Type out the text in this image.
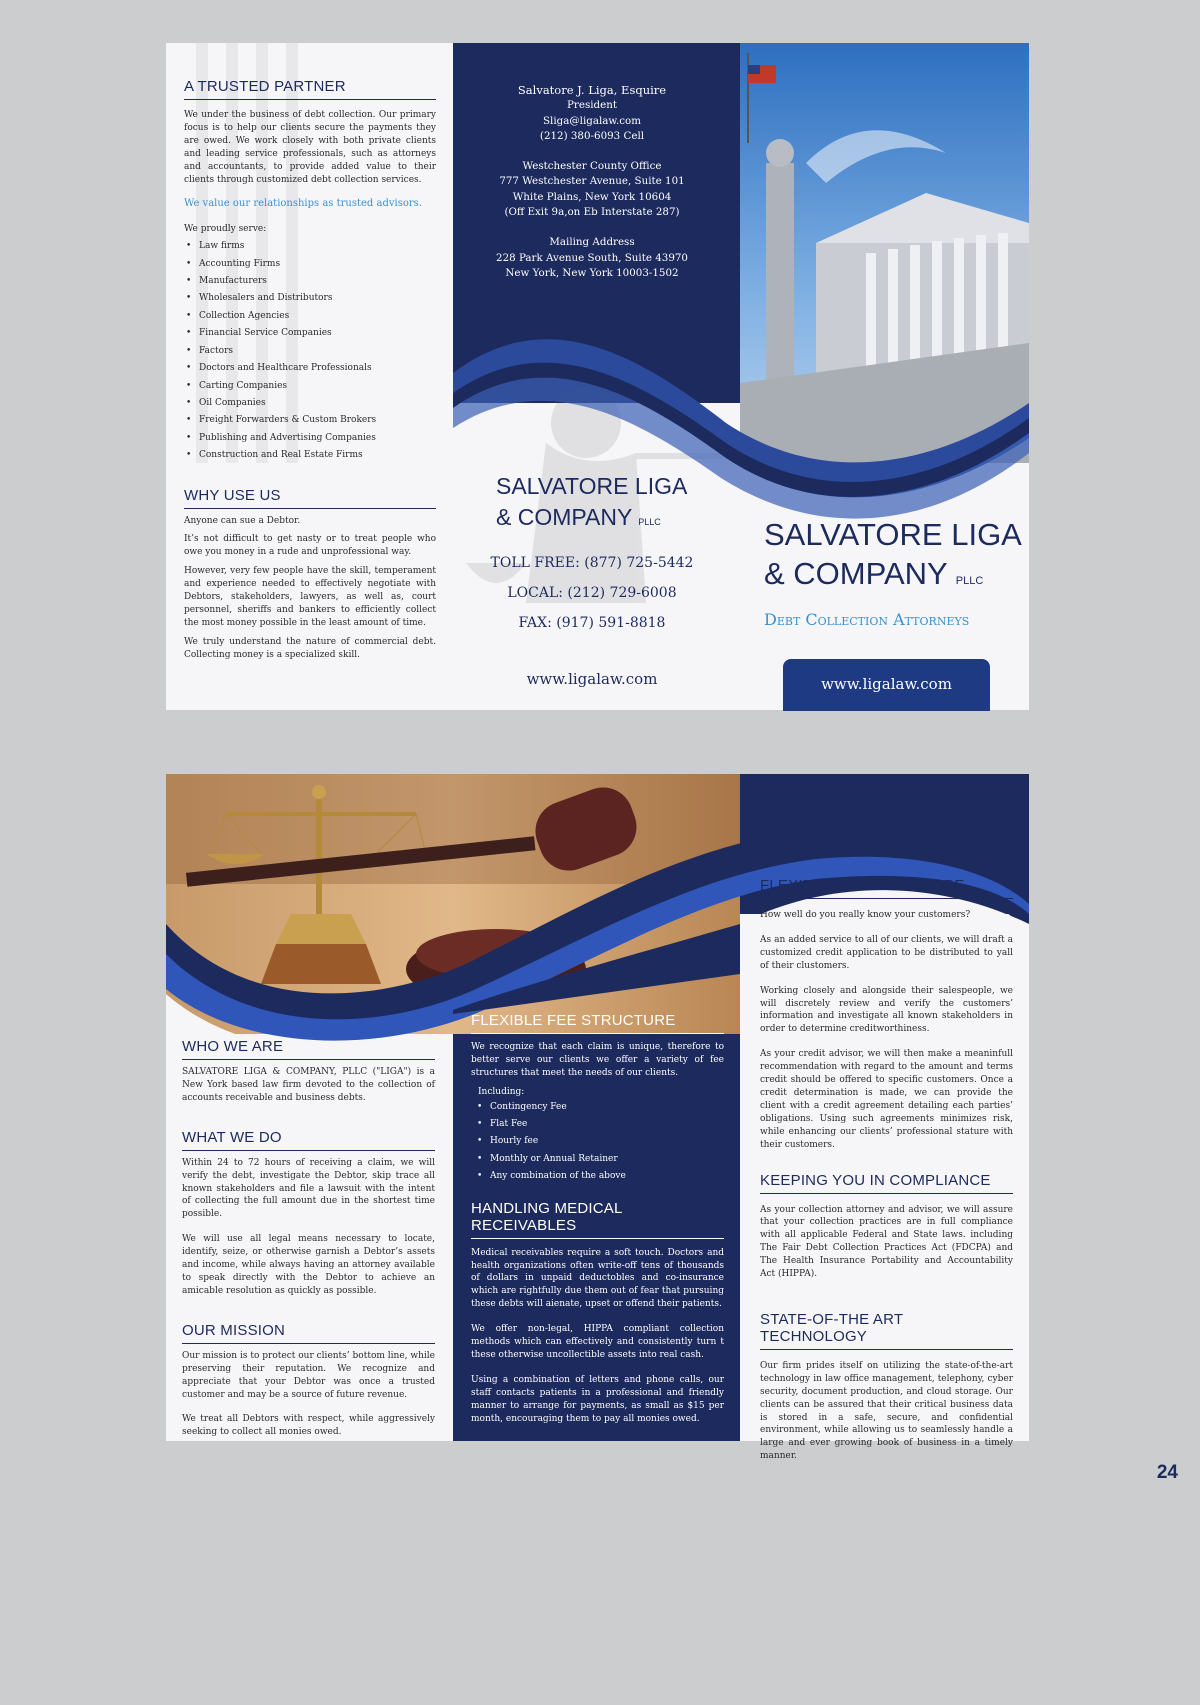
A TRUSTED PARTNER
We under the business of debt collection. Our primary focus is to help our clients secure the payments they are owed. We work closely with both private clients and leading service professionals, such as attorneys and accountants, to provide added value to their clients through customized debt collection services.
We value our relationships as trusted advisors.
We proudly serve:
• Law firms
• Accounting Firms
• Manufacturers
• Wholesalers and Distributors
• Collection Agencies
• Financial Service Companies
• Factors
• Doctors and Healthcare Professionals
• Carting Companies
• Oil Companies
• Freight Forwarders & Custom Brokers
• Publishing and Advertising Companies
• Construction and Real Estate Firms
WHY USE US
Anyone can sue a Debtor.
It’s not difficult to get nasty or to treat people who owe you money in a rude and unprofessional way.
However, very few people have the skill, temperament and experience needed to effectively negotiate with Debtors, stakeholders, lawyers, as well as, court personnel, sheriffs and bankers to efficiently collect the most money possible in the least amount of time.
We truly understand the nature of commercial debt. Collecting money is a specialized skill.
Salvatore J. Liga, Esquire
President
Sliga@ligalaw.com
(212) 380-6093 Cell
Westchester County Office
777 Westchester Avenue, Suite 101
White Plains, New York 10604
(Off Exit 9a,on Eb Interstate 287)
Mailing Address
228 Park Avenue South, Suite 43970
New York, New York 10003-1502
SALVATORE LIGA
& COMPANY PLLC
TOLL FREE: (877) 725-5442
LOCAL: (212) 729-6008
FAX: (917) 591-8818
www.ligalaw.com
SALVATORE LIGA
& COMPANY PLLC
Debt Collection Attorneys
www.ligalaw.com
WHO WE ARE
SALVATORE LIGA & COMPANY, PLLC ("LIGA") is a New York based law firm devoted to the collection of accounts receivable and business debts.
WHAT WE DO
Within 24 to 72 hours of receiving a claim, we will verify the debt, investigate the Debtor, skip trace all known stakeholders and file a lawsuit with the intent of collecting the full amount due in the shortest time possible.
We will use all legal means necessary to locate, identify, seize, or otherwise garnish a Debtor’s assets and income, while always having an attorney available to speak directly with the Debtor to achieve an amicable resolution as quickly as possible.
OUR MISSION
Our mission is to protect our clients’ bottom line, while preserving their reputation. We recognize and appreciate that your Debtor was once a trusted customer and may be a source of future revenue.
We treat all Debtors with respect, while aggressively seeking to collect all monies owed.
FLEXIBLE FEE STRUCTURE
We recognize that each claim is unique, therefore to better serve our clients we offer a variety of fee structures that meet the needs of our clients.
Including:
• Contingency Fee
• Flat Fee
• Hourly fee
• Monthly or Annual Retainer
• Any combination of the above
HANDLING MEDICAL RECEIVABLES
Medical receivables require a soft touch. Doctors and health organizations often write-off tens of thousands of dollars in unpaid deductobles and co-insurance which are rightfully due them out of fear that pursuing these debts will aienate, upset or offend their patients.
We offer non-legal, HIPPA compliant collection methods which can effectively and consistently turn t these otherwise uncollectible assets into real cash.
Using a combination of letters and phone calls, our staff contacts patients in a professional and friendly manner to arrange for payments, as small as $15 per month, encouraging them to pay all monies owed.
FLEXIBLE FEE STRUCTURE
How well do you really know your customers?
As an added service to all of our clients, we will draft a customized credit application to be distributed to yall of their clustomers.
Working closely and alongside their salespeople, we will discretely review and verify the customers’ information and investigate all known stakeholders in order to determine creditworthiness.
As your credit advisor, we will then make a meaninfull recommendation with regard to the amount and terms credit should be offered to specific customers. Once a credit determination is made, we can provide the client with a credit agreement detailing each parties’ obligations. Using such agreements minimizes risk, while enhancing our clients’ professional stature with their customers.
KEEPING YOU IN COMPLIANCE
As your collection attorney and advisor, we will assure that your collection practices are in full compliance with all applicable Federal and State laws. including The Fair Debt Collection Practices Act (FDCPA) and The Health Insurance Portability and Accountability Act (HIPPA).
STATE-OF-THE ART TECHNOLOGY
Our firm prides itself on utilizing the state-of-the-art technology in law office management, telephony, cyber security, document production, and cloud storage. Our clients can be assured that their critical business data is stored in a safe, secure, and confidential environment, while allowing us to seamlessly handle a large and ever growing book of business in a timely manner.
24
